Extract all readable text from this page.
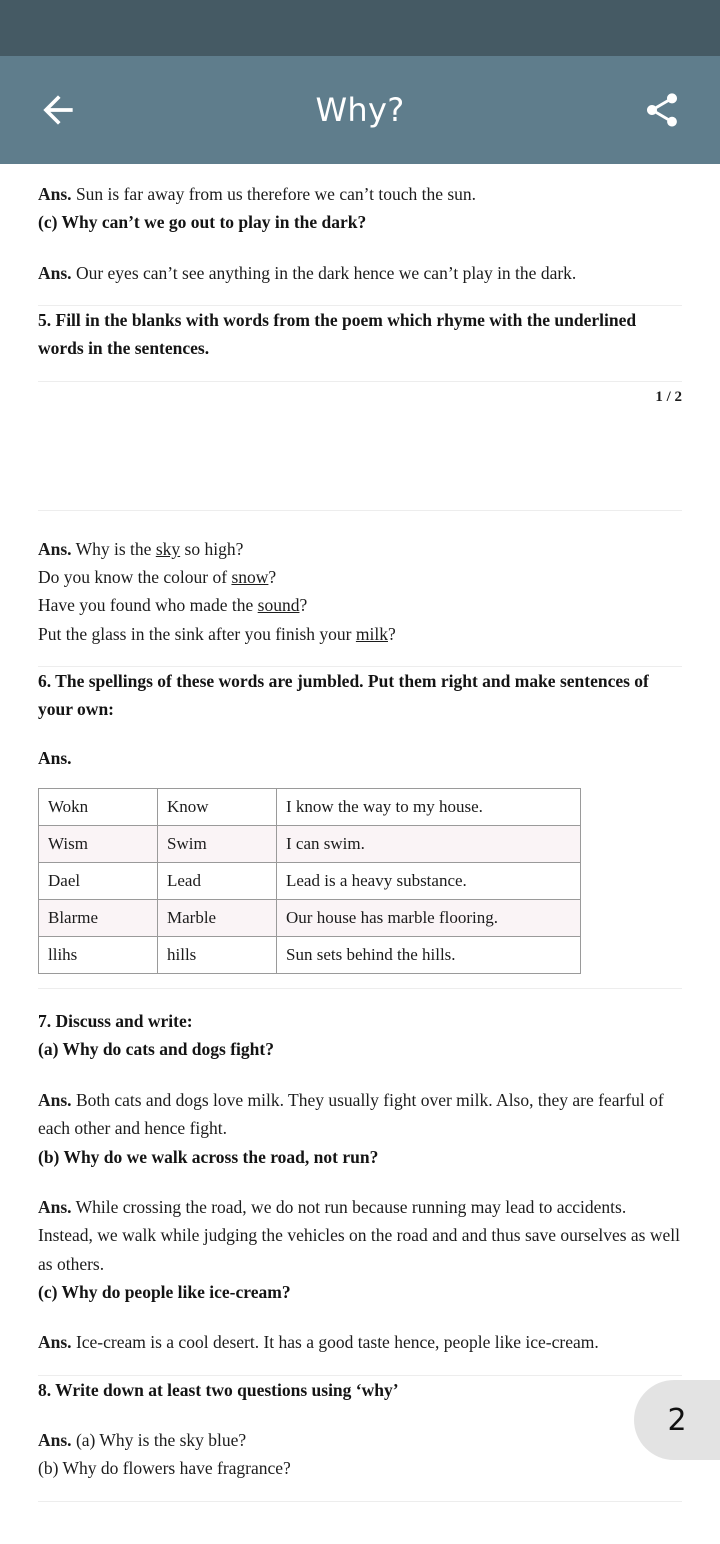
Why?

Ans. Sun is far away from us therefore we can’t touch the sun.

(c) Why can’t we go out to play in the dark?

Ans. Our eyes can’t see anything in the dark hence we can’t play in the dark.

5. Fill in the blanks with words from the poem which rhyme with the underlined words in the sentences.

1 / 2

Ans. Why is the sky so high?

Do you know the colour of snow?

Have you found who made the sound?

Put the glass in the sink after you finish your milk?

6. The spellings of these words are jumbled. Put them right and make sentences of your own:

Ans.

Wokn	Know	I know the way to my house.
Wism	Swim	I can swim.
Dael	Lead	Lead is a heavy substance.
Blarme	Marble	Our house has marble flooring.
llihs	hills	Sun sets behind the hills.

7. Discuss and write:

(a) Why do cats and dogs fight?

Ans. Both cats and dogs love milk. They usually fight over milk. Also, they are fearful of each other and hence fight.

(b) Why do we walk across the road, not run?

Ans. While crossing the road, we do not run because running may lead to accidents. Instead, we walk while judging the vehicles on the road and and thus save ourselves as well as others.

(c) Why do people like ice-cream?

Ans. Ice-cream is a cool desert. It has a good taste hence, people like ice-cream.

8. Write down at least two questions using ‘why’

Ans. (a) Why is the sky blue?

(b) Why do flowers have fragrance?

2
